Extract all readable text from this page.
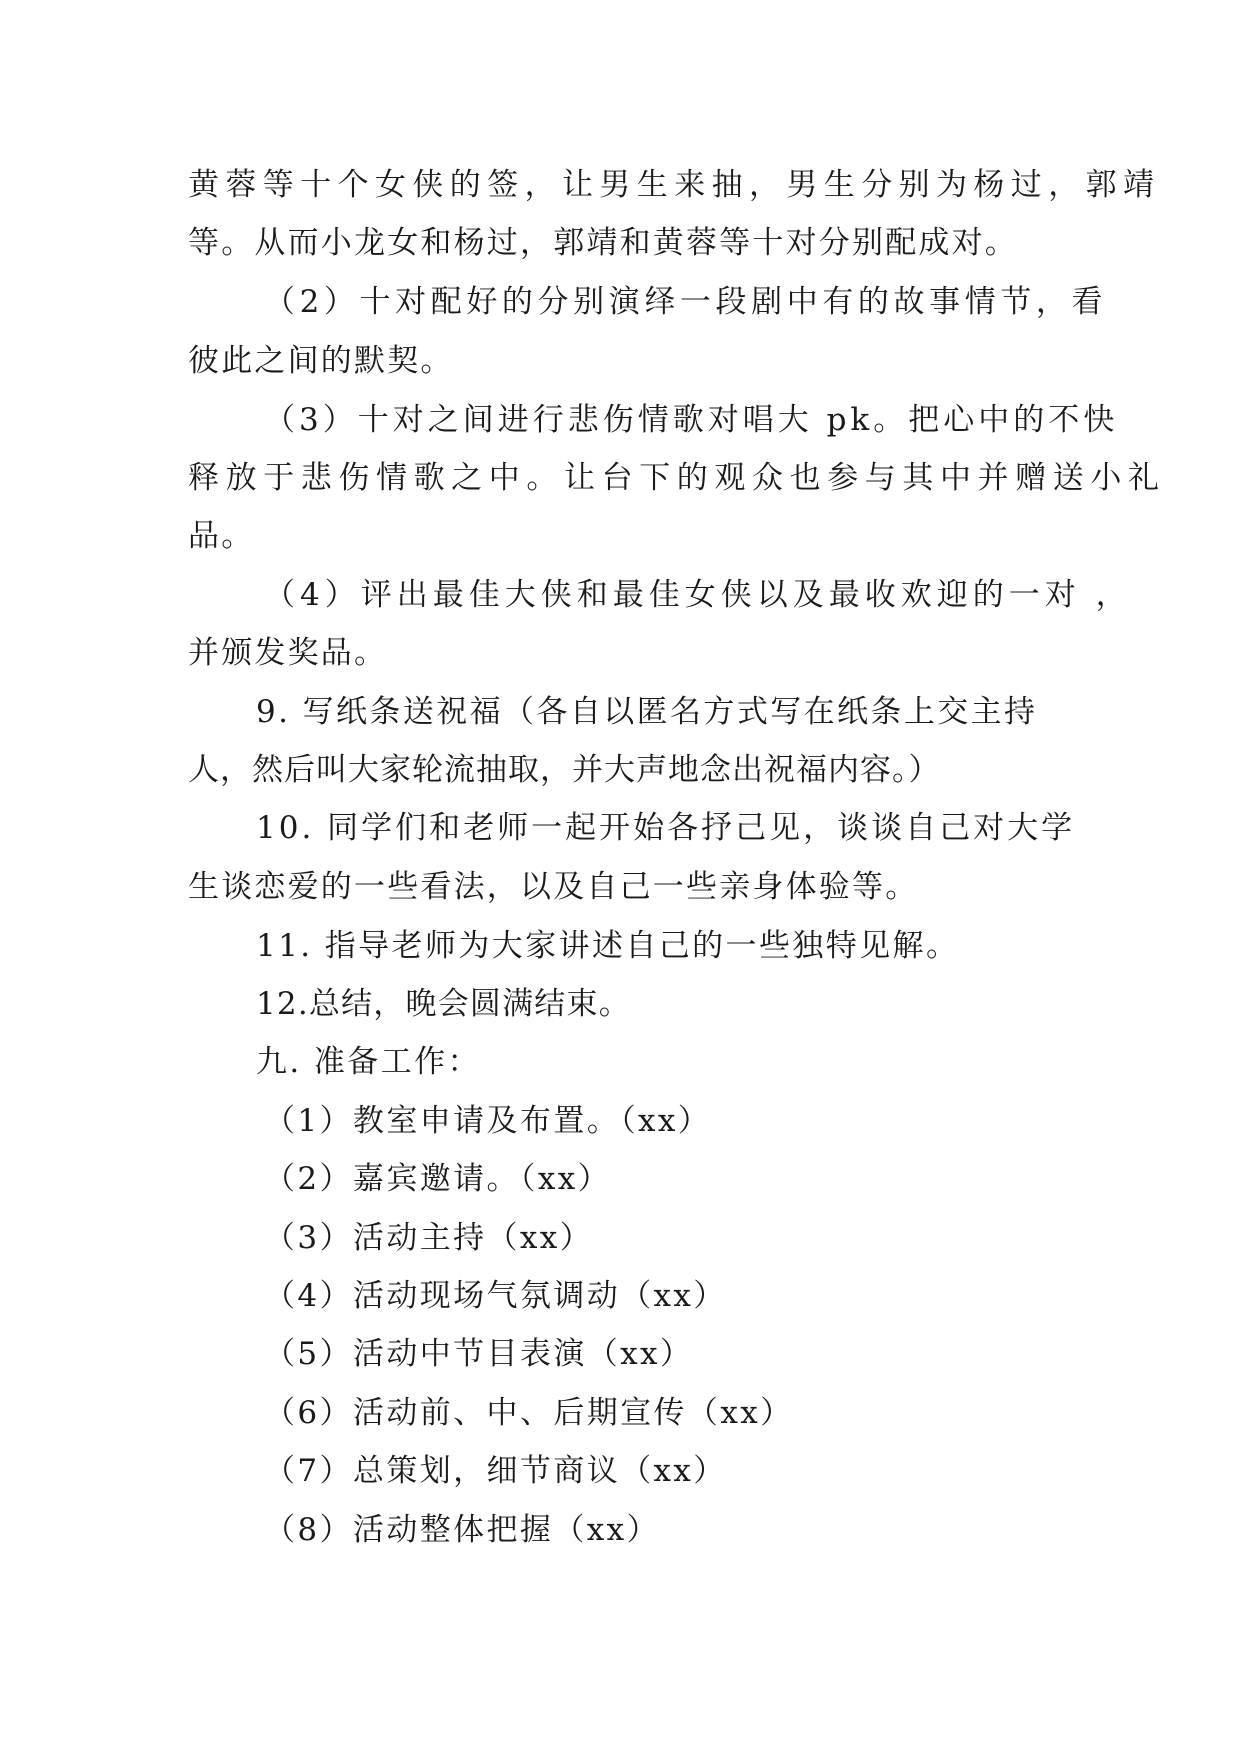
黄蓉等十个女侠的签，让男生来抽，男生分别为杨过，郭靖
等。从而小龙女和杨过，郭靖和黄蓉等十对分别配成对。
（2）十对配好的分别演绎一段剧中有的故事情节，看
彼此之间的默契。
（3）十对之间进行悲伤情歌对唱大 pk。把心中的不快
释放于悲伤情歌之中。让台下的观众也参与其中并赠送小礼
品。
（4）评出最佳大侠和最佳女侠以及最收欢迎的一对 ，
并颁发奖品。
9. 写纸条送祝福（各自以匿名方式写在纸条上交主持
人，然后叫大家轮流抽取，并大声地念出祝福内容。）
10. 同学们和老师一起开始各抒己见，谈谈自己对大学
生谈恋爱的一些看法，以及自己一些亲身体验等。
11. 指导老师为大家讲述自己的一些独特见解。
12.总结，晚会圆满结束。
九. 准备工作：
（1）教室申请及布置。（xx）
（2）嘉宾邀请。（xx）
（3）活动主持（xx）
（4）活动现场气氛调动（xx）
（5）活动中节目表演（xx）
（6）活动前、中、后期宣传（xx）
（7）总策划，细节商议（xx）
（8）活动整体把握（xx）
